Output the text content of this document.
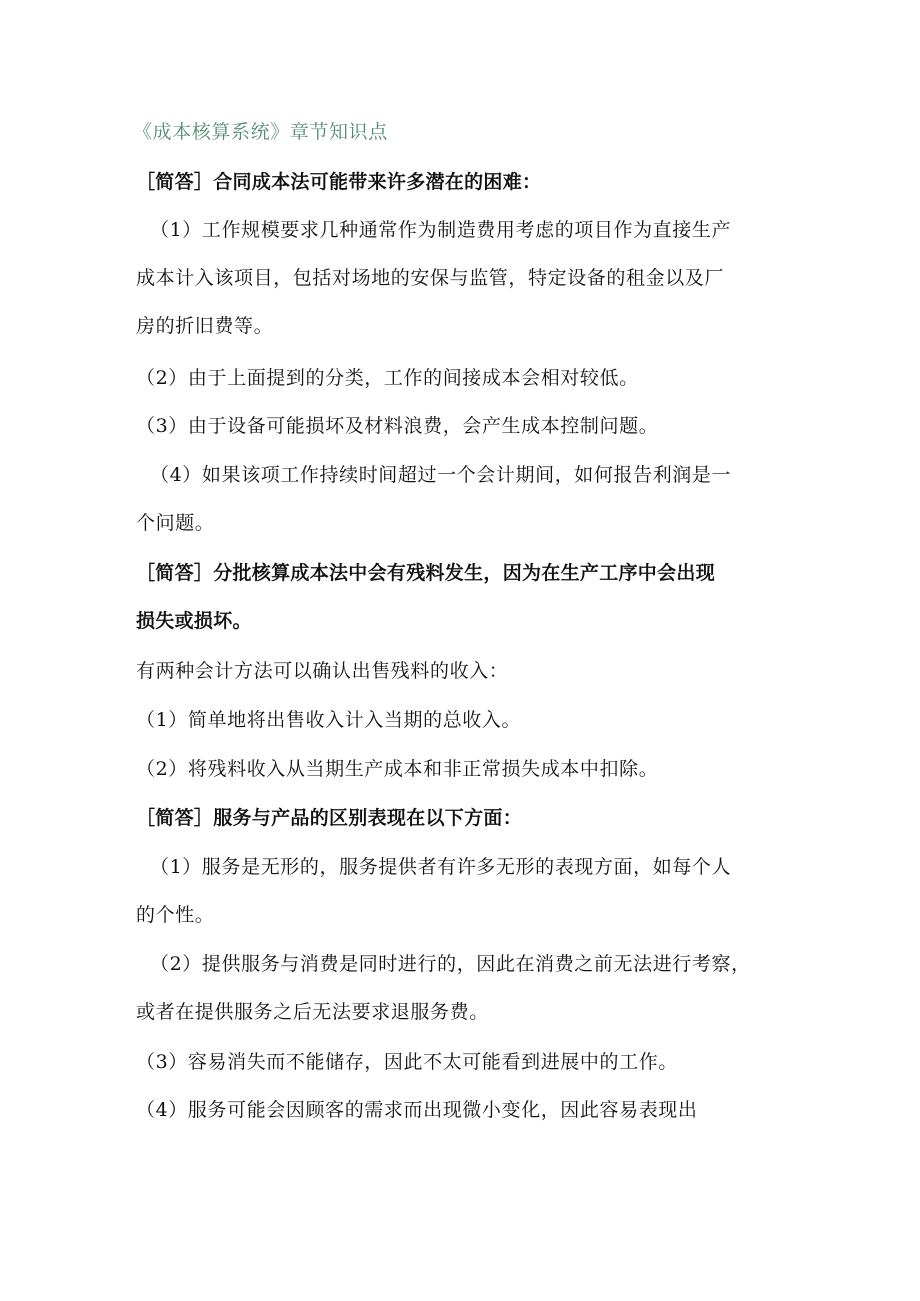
《成本核算系统》章节知识点
［简答］合同成本法可能带来许多潜在的困难：
（1）工作规模要求几种通常作为制造费用考虑的项目作为直接生产
成本计入该项目，包括对场地的安保与监管，特定设备的租金以及厂
房的折旧费等。
（2）由于上面提到的分类，工作的间接成本会相对较低。
（3）由于设备可能损坏及材料浪费，会产生成本控制问题。
（4）如果该项工作持续时间超过一个会计期间，如何报告利润是一
个问题。
［简答］分批核算成本法中会有残料发生，因为在生产工序中会出现
损失或损坏。
有两种会计方法可以确认出售残料的收入：
（1）简单地将出售收入计入当期的总收入。
（2）将残料收入从当期生产成本和非正常损失成本中扣除。
［简答］服务与产品的区别表现在以下方面：
（1）服务是无形的，服务提供者有许多无形的表现方面，如每个人
的个性。
（2）提供服务与消费是同时进行的，因此在消费之前无法进行考察，
或者在提供服务之后无法要求退服务费。
（3）容易消失而不能储存，因此不太可能看到进展中的工作。
（4）服务可能会因顾客的需求而出现微小变化，因此容易表现出
